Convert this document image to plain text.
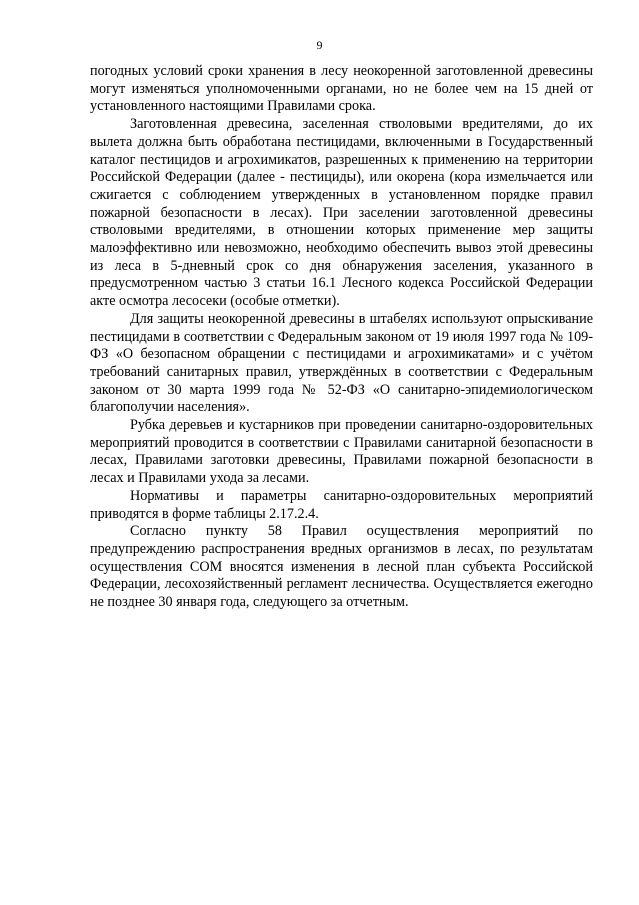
9

погодных условий сроки хранения в лесу неокоренной заготовленной древесины могут изменяться уполномоченными органами, но не более чем на 15 дней от установленного настоящими Правилами срока.

Заготовленная древесина, заселенная стволовыми вредителями, до их вылета должна быть обработана пестицидами, включенными в Государственный каталог пестицидов и агрохимикатов, разрешенных к применению на территории Российской Федерации (далее - пестициды), или окорена (кора измельчается или сжигается с соблюдением утвержденных в установленном порядке правил пожарной безопасности в лесах). При заселении заготовленной древесины стволовыми вредителями, в отношении которых применение мер защиты малоэффективно или невозможно, необходимо обеспечить вывоз этой древесины из леса в 5-дневный срок со дня обнаружения заселения, указанного в предусмотренном частью 3 статьи 16.1 Лесного кодекса Российской Федерации акте осмотра лесосеки (особые отметки).

Для защиты неокоренной древесины в штабелях используют опрыскивание пестицидами в соответствии с Федеральным законом от 19 июля 1997 года № 109-ФЗ «О безопасном обращении с пестицидами и агрохимикатами» и с учётом требований санитарных правил, утверждённых в соответствии с Федеральным законом от 30 марта 1999 года № 52-ФЗ «О санитарно-эпидемиологическом благополучии населения».

Рубка деревьев и кустарников при проведении санитарно-оздоровительных мероприятий проводится в соответствии с Правилами санитарной безопасности в лесах, Правилами заготовки древесины, Правилами пожарной безопасности в лесах и Правилами ухода за лесами.

Нормативы и параметры санитарно-оздоровительных мероприятий приводятся в форме таблицы 2.17.2.4.

Согласно пункту 58 Правил осуществления мероприятий по предупреждению распространения вредных организмов в лесах, по результатам осуществления СОМ вносятся изменения в лесной план субъекта Российской Федерации, лесохозяйственный регламент лесничества. Осуществляется ежегодно не позднее 30 января года, следующего за отчетным.
